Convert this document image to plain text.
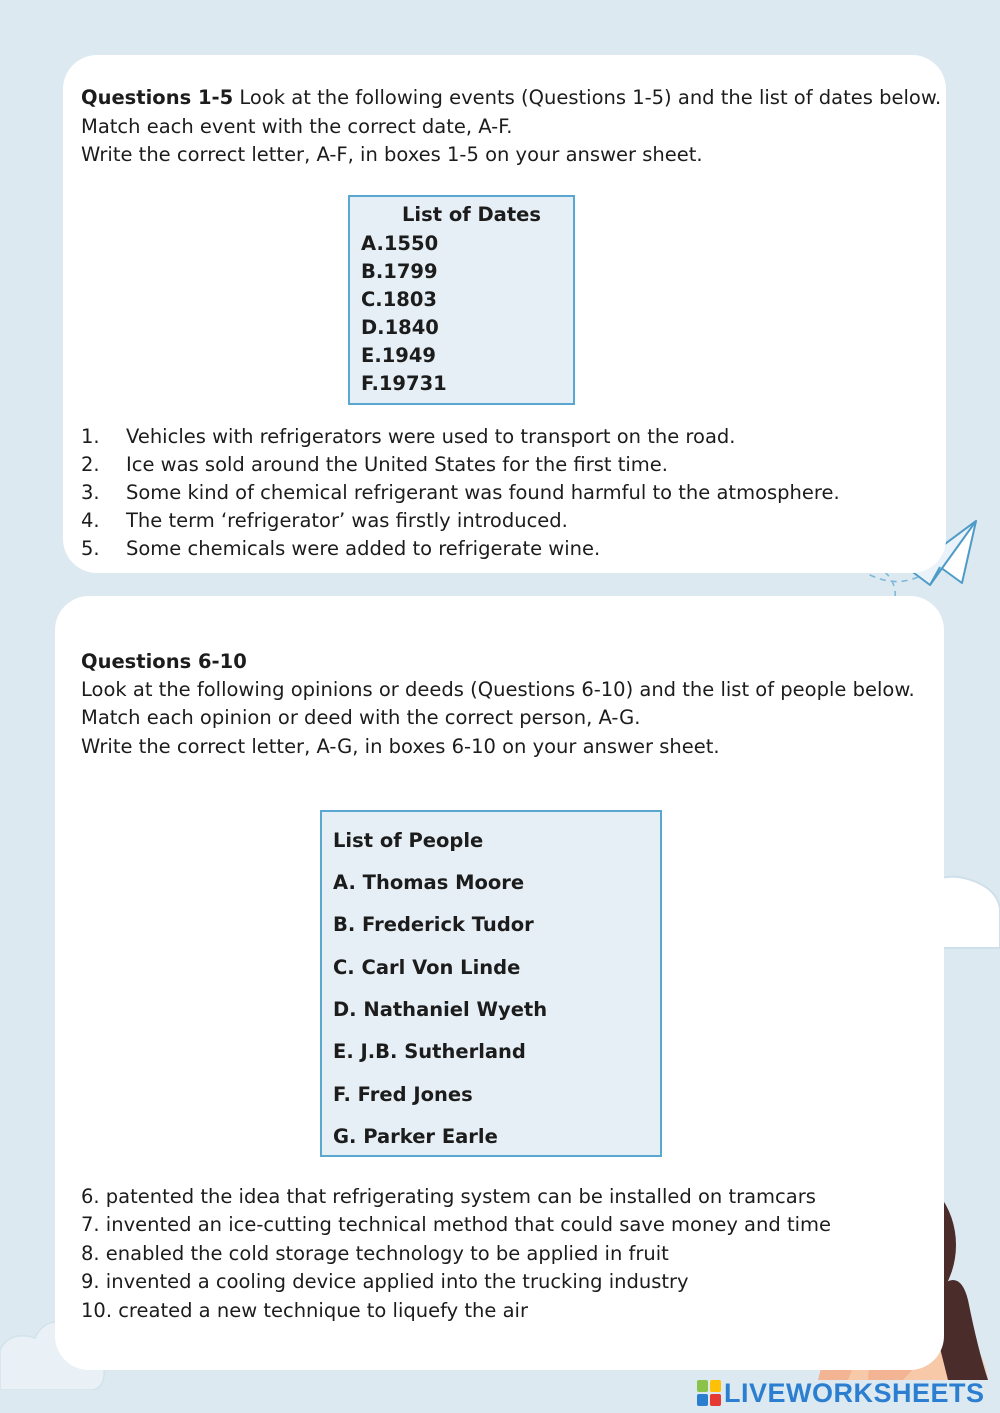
Questions 1-5 Look at the following events (Questions 1-5) and the list of dates below.
Match each event with the correct date, A-F.
Write the correct letter, A-F, in boxes 1-5 on your answer sheet.
List of Dates
A.1550
B.1799
C.1803
D.1840
E.1949
F.19731
1. Vehicles with refrigerators were used to transport on the road.
2. Ice was sold around the United States for the first time.
3. Some kind of chemical refrigerant was found harmful to the atmosphere.
4. The term ‘refrigerator’ was firstly introduced.
5. Some chemicals were added to refrigerate wine.
Questions 6-10
Look at the following opinions or deeds (Questions 6-10) and the list of people below.
Match each opinion or deed with the correct person, A-G.
Write the correct letter, A-G, in boxes 6-10 on your answer sheet.
List of People
A. Thomas Moore
B. Frederick Tudor
C. Carl Von Linde
D. Nathaniel Wyeth
E. J.B. Sutherland
F. Fred Jones
G. Parker Earle
6. patented the idea that refrigerating system can be installed on tramcars
7. invented an ice-cutting technical method that could save money and time
8. enabled the cold storage technology to be applied in fruit
9. invented a cooling device applied into the trucking industry
10. created a new technique to liquefy the air
LIVEWORKSHEETS
